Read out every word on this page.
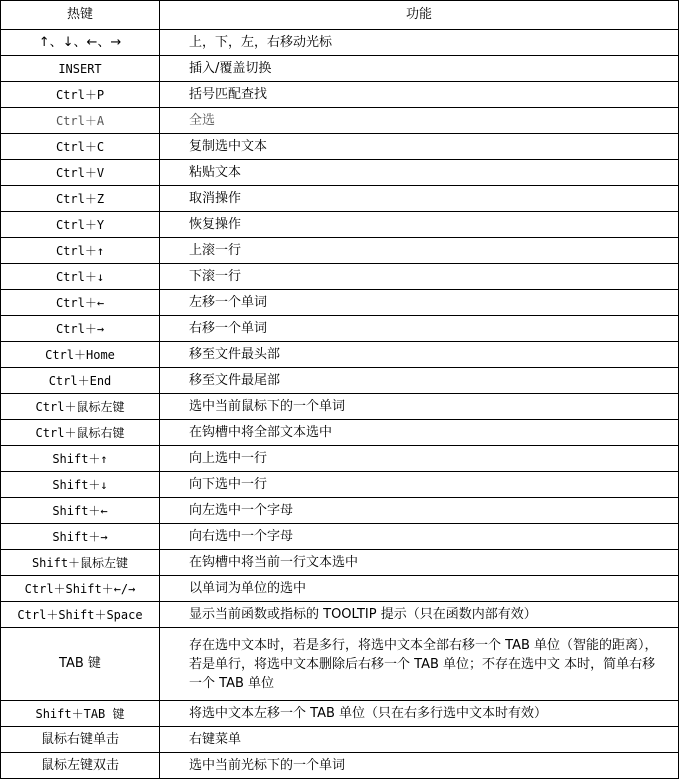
热键	功能
↑、↓、←、→	上，下，左，右移动光标
INSERT	插入/覆盖切换
Ctrl＋P	括号匹配查找
Ctrl＋A	全选
Ctrl＋C	复制选中文本
Ctrl＋V	粘贴文本
Ctrl＋Z	取消操作
Ctrl＋Y	恢复操作
Ctrl＋↑	上滚一行
Ctrl＋↓	下滚一行
Ctrl＋←	左移一个单词
Ctrl＋→	右移一个单词
Ctrl＋Home	移至文件最头部
Ctrl＋End	移至文件最尾部
Ctrl＋鼠标左键	选中当前鼠标下的一个单词
Ctrl＋鼠标右键	在钩槽中将全部文本选中
Shift＋↑	向上选中一行
Shift＋↓	向下选中一行
Shift＋←	向左选中一个字母
Shift＋→	向右选中一个字母
Shift＋鼠标左键	在钩槽中将当前一行文本选中
Ctrl＋Shift＋←/→	以单词为单位的选中
Ctrl＋Shift＋Space	显示当前函数或指标的 TOOLTIP 提示（只在函数内部有效）
TAB 键	存在选中文本时，若是多行，将选中文本全部右移一个 TAB 单位（智能的距离），若是单行，将选中文本删除后右移一个 TAB 单位；不存在选中文 本时，简单右移一个 TAB 单位
Shift＋TAB 键	将选中文本左移一个 TAB 单位（只在右多行选中文本时有效）
鼠标右键单击	右键菜单
鼠标左键双击	选中当前光标下的一个单词
